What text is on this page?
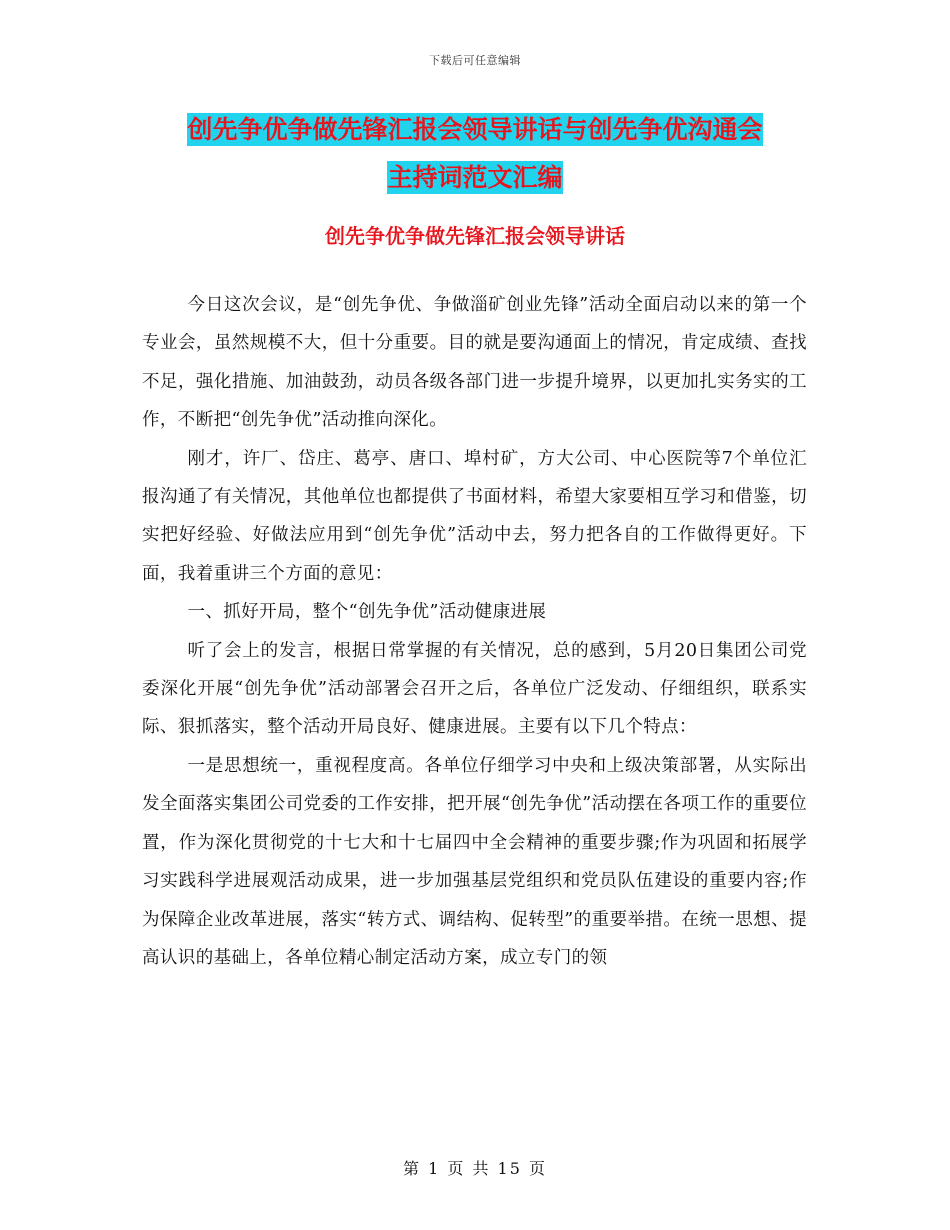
下载后可任意编辑
创先争优争做先锋汇报会领导讲话与创先争优沟通会
主持词范文汇编
创先争优争做先锋汇报会领导讲话

今日这次会议，是“创先争优、争做淄矿创业先锋”活动全面启动以来的第一个专业会，虽然规模不大，但十分重要。目的就是要沟通面上的情况，肯定成绩、查找不足，强化措施、加油鼓劲，动员各级各部门进一步提升境界，以更加扎实务实的工作，不断把“创先争优”活动推向深化。

刚才，许厂、岱庄、葛亭、唐口、埠村矿，方大公司、中心医院等7个单位汇报沟通了有关情况，其他单位也都提供了书面材料，希望大家要相互学习和借鉴，切实把好经验、好做法应用到“创先争优”活动中去，努力把各自的工作做得更好。下面，我着重讲三个方面的意见：

一、抓好开局，整个“创先争优”活动健康进展

听了会上的发言，根据日常掌握的有关情况，总的感到，5月20日集团公司党委深化开展“创先争优”活动部署会召开之后，各单位广泛发动、仔细组织，联系实际、狠抓落实，整个活动开局良好、健康进展。主要有以下几个特点：

一是思想统一，重视程度高。各单位仔细学习中央和上级决策部署，从实际出发全面落实集团公司党委的工作安排，把开展“创先争优”活动摆在各项工作的重要位置，作为深化贯彻党的十七大和十七届四中全会精神的重要步骤;作为巩固和拓展学习实践科学进展观活动成果，进一步加强基层党组织和党员队伍建设的重要内容;作为保障企业改革进展，落实“转方式、调结构、促转型”的重要举措。在统一思想、提高认识的基础上，各单位精心制定活动方案，成立专门的领

第 1 页 共 15 页
